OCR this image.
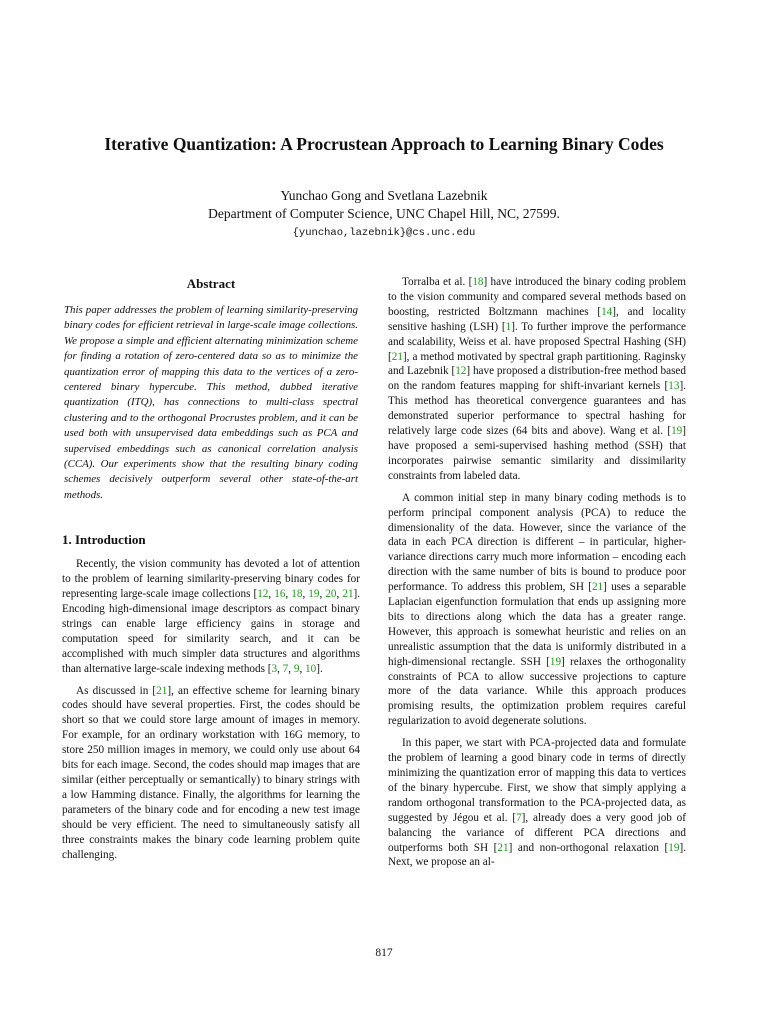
Iterative Quantization: A Procrustean Approach to Learning Binary Codes
Yunchao Gong and Svetlana Lazebnik
Department of Computer Science, UNC Chapel Hill, NC, 27599.
{yunchao,lazebnik}@cs.unc.edu
Abstract

This paper addresses the problem of learning similarity-preserving binary codes for efficient retrieval in large-scale image collections. We propose a simple and efficient alternating minimization scheme for finding a rotation of zero-centered data so as to minimize the quantization error of mapping this data to the vertices of a zero-centered binary hypercube. This method, dubbed iterative quantization (ITQ), has connections to multi-class spectral clustering and to the orthogonal Procrustes problem, and it can be used both with unsupervised data embeddings such as PCA and supervised embeddings such as canonical correlation analysis (CCA). Our experiments show that the resulting binary coding schemes decisively outperform several other state-of-the-art methods.

1. Introduction

Recently, the vision community has devoted a lot of attention to the problem of learning similarity-preserving binary codes for representing large-scale image collections [12, 16, 18, 19, 20, 21]. Encoding high-dimensional image descriptors as compact binary strings can enable large efficiency gains in storage and computation speed for similarity search, and it can be accomplished with much simpler data structures and algorithms than alternative large-scale indexing methods [3, 7, 9, 10].

As discussed in [21], an effective scheme for learning binary codes should have several properties. First, the codes should be short so that we could store large amount of images in memory. For example, for an ordinary workstation with 16G memory, to store 250 million images in memory, we could only use about 64 bits for each image. Second, the codes should map images that are similar (either perceptually or semantically) to binary strings with a low Hamming distance. Finally, the algorithms for learning the parameters of the binary code and for encoding a new test image should be very efficient. The need to simultaneously satisfy all three constraints makes the binary code learning problem quite challenging.

Torralba et al. [18] have introduced the binary coding problem to the vision community and compared several methods based on boosting, restricted Boltzmann machines [14], and locality sensitive hashing (LSH) [1]. To further improve the performance and scalability, Weiss et al. have proposed Spectral Hashing (SH) [21], a method motivated by spectral graph partitioning. Raginsky and Lazebnik [12] have proposed a distribution-free method based on the random features mapping for shift-invariant kernels [13]. This method has theoretical convergence guarantees and has demonstrated superior performance to spectral hashing for relatively large code sizes (64 bits and above). Wang et al. [19] have proposed a semi-supervised hashing method (SSH) that incorporates pairwise semantic similarity and dissimilarity constraints from labeled data.

A common initial step in many binary coding methods is to perform principal component analysis (PCA) to reduce the dimensionality of the data. However, since the variance of the data in each PCA direction is different – in particular, higher-variance directions carry much more information – encoding each direction with the same number of bits is bound to produce poor performance. To address this problem, SH [21] uses a separable Laplacian eigenfunction formulation that ends up assigning more bits to directions along which the data has a greater range. However, this approach is somewhat heuristic and relies on an unrealistic assumption that the data is uniformly distributed in a high-dimensional rectangle. SSH [19] relaxes the orthogonality constraints of PCA to allow successive projections to capture more of the data variance. While this approach produces promising results, the optimization problem requires careful regularization to avoid degenerate solutions.

In this paper, we start with PCA-projected data and formulate the problem of learning a good binary code in terms of directly minimizing the quantization error of mapping this data to vertices of the binary hypercube. First, we show that simply applying a random orthogonal transformation to the PCA-projected data, as suggested by Jégou et al. [7], already does a very good job of balancing the variance of different PCA directions and outperforms both SH [21] and non-orthogonal relaxation [19]. Next, we propose an al-

817
